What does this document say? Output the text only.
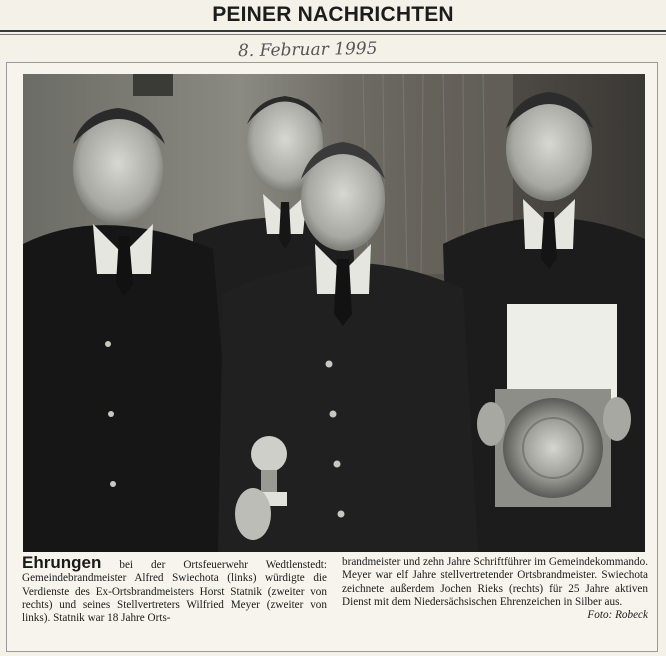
PEINER NACHRICHTEN
8. Februar 1995
Ehrungen bei der Ortsfeuerwehr Wedtlenstedt: Gemeindebrandmeister Alfred Swiechota (links) würdigte die Verdienste des Ex-Ortsbrandmeisters Horst Statnik (zweiter von rechts) und seines Stellvertreters Wilfried Meyer (zweiter von links). Statnik war 18 Jahre Orts-
brandmeister und zehn Jahre Schriftführer im Gemeindekommando. Meyer war elf Jahre stellvertretender Ortsbrandmeister. Swiechota zeichnete außerdem Jochen Rieks (rechts) für 25 Jahre aktiven Dienst mit dem Niedersächsischen Ehrenzeichen in Silber aus.
Foto: Robeck
